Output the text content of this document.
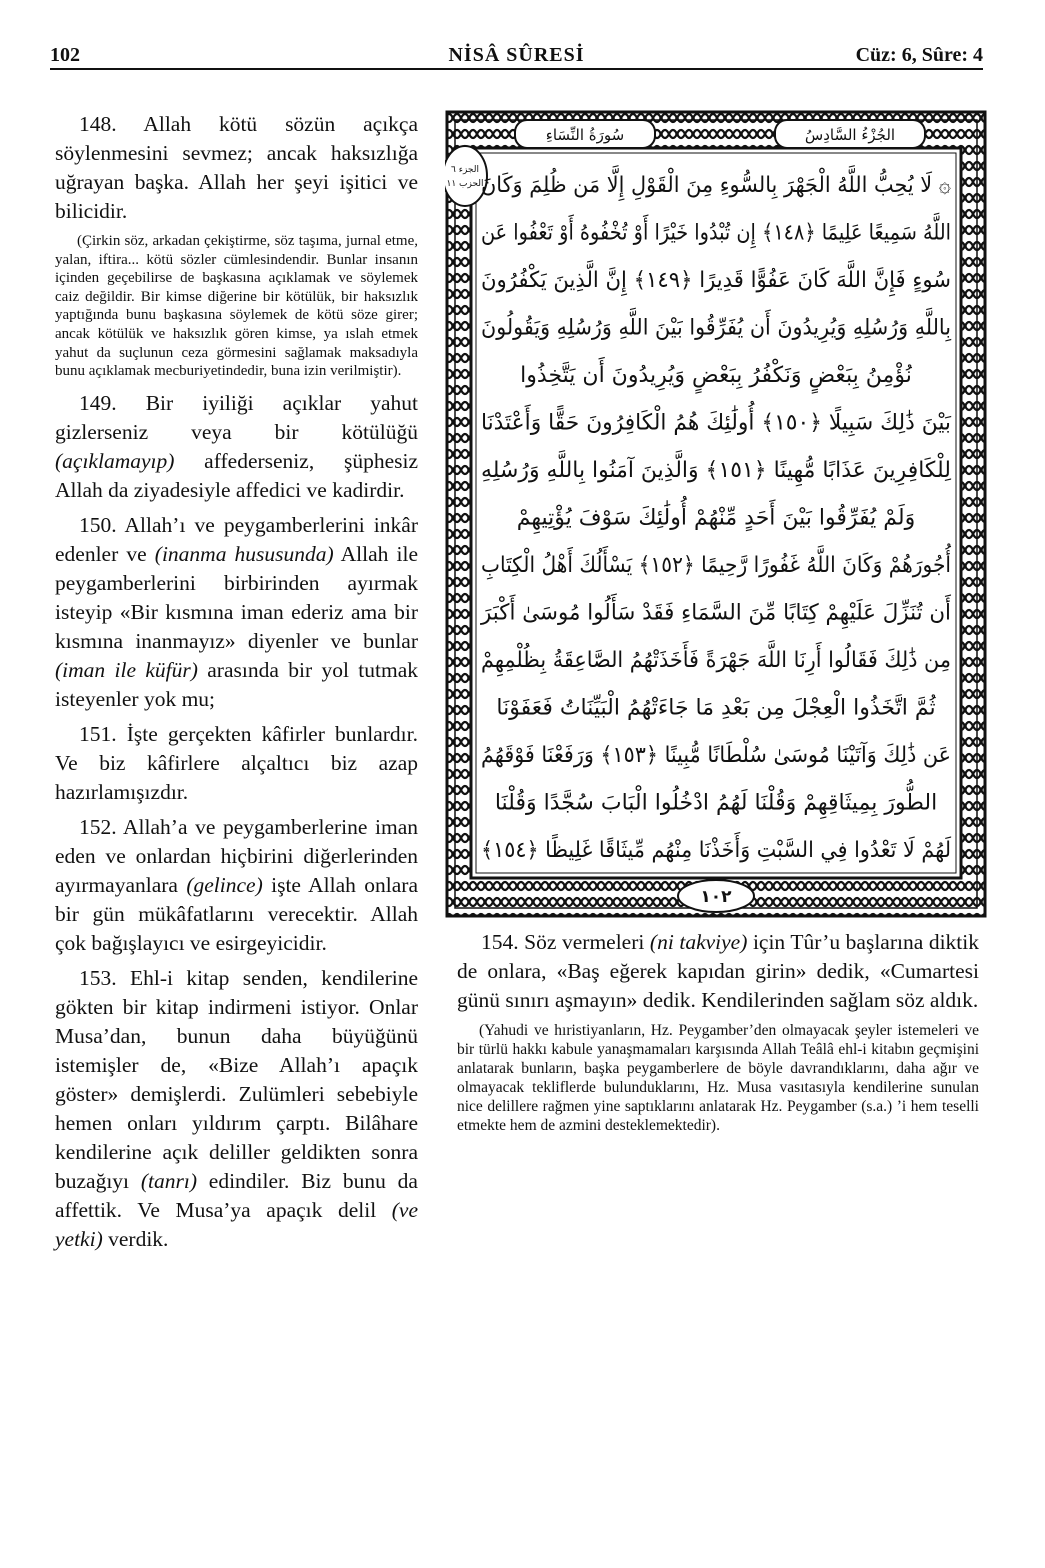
102	NİSÂ SÛRESİ	Cüz: 6, Sûre: 4

148. Allah kötü sözün açıkça söylenmesini sevmez; ancak haksızlığa uğrayan başka. Allah her şeyi işitici ve bilicidir.

(Çirkin söz, arkadan çekiştirme, söz taşıma, jurnal etme, yalan, iftira... kötü sözler cümlesindendir. Bunlar insanın içinden geçebilirse de başkasına açıklamak ve söylemek caiz değildir. Bir kimse diğerine bir kötülük, bir haksızlık yaptığında bunu başkasına söylemek de kötü söze girer; ancak kötülük ve haksızlık gören kimse, ya ıslah etmek yahut da suçlunun ceza görmesini sağlamak maksadıyla bunu açıklamak mecburiyetindedir, buna izin verilmiştir).

149. Bir iyiliği açıklar yahut gizlerseniz veya bir kötülüğü (açıklamayıp) affederseniz, şüphesiz Allah da ziyadesiyle affedici ve kadirdir.

150. Allah’ı ve peygamberlerini inkâr edenler ve (inanma hususunda) Allah ile peygamberlerini birbirinden ayırmak isteyip «Bir kısmına iman ederiz ama bir kısmına inanmayız» diyenler ve bunlar (iman ile küfür) arasında bir yol tutmak isteyenler yok mu;

151. İşte gerçekten kâfirler bunlardır. Ve biz kâfirlere alçaltıcı biz azap hazırlamışızdır.

152. Allah’a ve peygamberlerine iman eden ve onlardan hiçbirini diğerlerinden ayırmayanlara (gelince) işte Allah onlara bir gün mükâfatlarını verecektir. Allah çok bağışlayıcı ve esirgeyicidir.

153. Ehl-i kitap senden, kendilerine gökten bir kitap indirmeni istiyor. Onlar Musa’dan, bunun daha büyüğünü istemişler de, «Bize Allah’ı apaçık göster» demişlerdi. Zulümleri sebebiyle hemen onları yıldırım çarptı. Bilâhare kendilerine açık deliller geldikten sonra buzağıyı (tanrı) edindiler. Biz bunu da affettik. Ve Musa’ya apaçık delil (ve yetki) verdik.

سُورَةُ النِّسَاءِ	الجُزْءُ السَّادِسُ
الجزء ٦
الحزب ١١
١٠٢
۞ لَا يُحِبُّ اللَّهُ الْجَهْرَ بِالسُّوءِ مِنَ الْقَوْلِ إِلَّا مَن ظُلِمَ وَكَانَ
اللَّهُ سَمِيعًا عَلِيمًا ﴿١٤٨﴾ إِن تُبْدُوا خَيْرًا أَوْ تُخْفُوهُ أَوْ تَعْفُوا عَن
سُوءٍ فَإِنَّ اللَّهَ كَانَ عَفُوًّا قَدِيرًا ﴿١٤٩﴾ إِنَّ الَّذِينَ يَكْفُرُونَ
بِاللَّهِ وَرُسُلِهِ وَيُرِيدُونَ أَن يُفَرِّقُوا بَيْنَ اللَّهِ وَرُسُلِهِ وَيَقُولُونَ
نُؤْمِنُ بِبَعْضٍ وَنَكْفُرُ بِبَعْضٍ وَيُرِيدُونَ أَن يَتَّخِذُوا
بَيْنَ ذَٰلِكَ سَبِيلًا ﴿١٥٠﴾ أُولَٰئِكَ هُمُ الْكَافِرُونَ حَقًّا وَأَعْتَدْنَا
لِلْكَافِرِينَ عَذَابًا مُّهِينًا ﴿١٥١﴾ وَالَّذِينَ آمَنُوا بِاللَّهِ وَرُسُلِهِ
وَلَمْ يُفَرِّقُوا بَيْنَ أَحَدٍ مِّنْهُمْ أُولَٰئِكَ سَوْفَ يُؤْتِيهِمْ
أُجُورَهُمْ وَكَانَ اللَّهُ غَفُورًا رَّحِيمًا ﴿١٥٢﴾ يَسْأَلُكَ أَهْلُ الْكِتَابِ
أَن تُنَزِّلَ عَلَيْهِمْ كِتَابًا مِّنَ السَّمَاءِ فَقَدْ سَأَلُوا مُوسَىٰ أَكْبَرَ
مِن ذَٰلِكَ فَقَالُوا أَرِنَا اللَّهَ جَهْرَةً فَأَخَذَتْهُمُ الصَّاعِقَةُ بِظُلْمِهِمْ
ثُمَّ اتَّخَذُوا الْعِجْلَ مِن بَعْدِ مَا جَاءَتْهُمُ الْبَيِّنَاتُ فَعَفَوْنَا
عَن ذَٰلِكَ وَآتَيْنَا مُوسَىٰ سُلْطَانًا مُّبِينًا ﴿١٥٣﴾ وَرَفَعْنَا فَوْقَهُمُ
الطُّورَ بِمِيثَاقِهِمْ وَقُلْنَا لَهُمُ ادْخُلُوا الْبَابَ سُجَّدًا وَقُلْنَا
لَهُمْ لَا تَعْدُوا فِي السَّبْتِ وَأَخَذْنَا مِنْهُم مِّيثَاقًا غَلِيظًا ﴿١٥٤﴾

154. Söz vermeleri (ni takviye) için Tûr’u başlarına diktik de onlara, «Baş eğerek kapıdan girin» dedik, «Cumartesi günü sınırı aşmayın» dedik. Kendilerinden sağlam söz aldık.

(Yahudi ve hıristiyanların, Hz. Peygamber’den olmayacak şeyler istemeleri ve bir türlü hakkı kabule yanaşmamaları karşısında Allah Teâlâ ehl-i kitabın geçmişini anlatarak bunların, başka peygamberlere de böyle davrandıklarını, daha ağır ve olmayacak tekliflerde bulunduklarını, Hz. Musa vasıtasıyla kendilerine sunulan nice delillere rağmen yine saptıklarını anlatarak Hz. Peygamber (s.a.) ’i hem teselli etmekte hem de azmini desteklemektedir).
